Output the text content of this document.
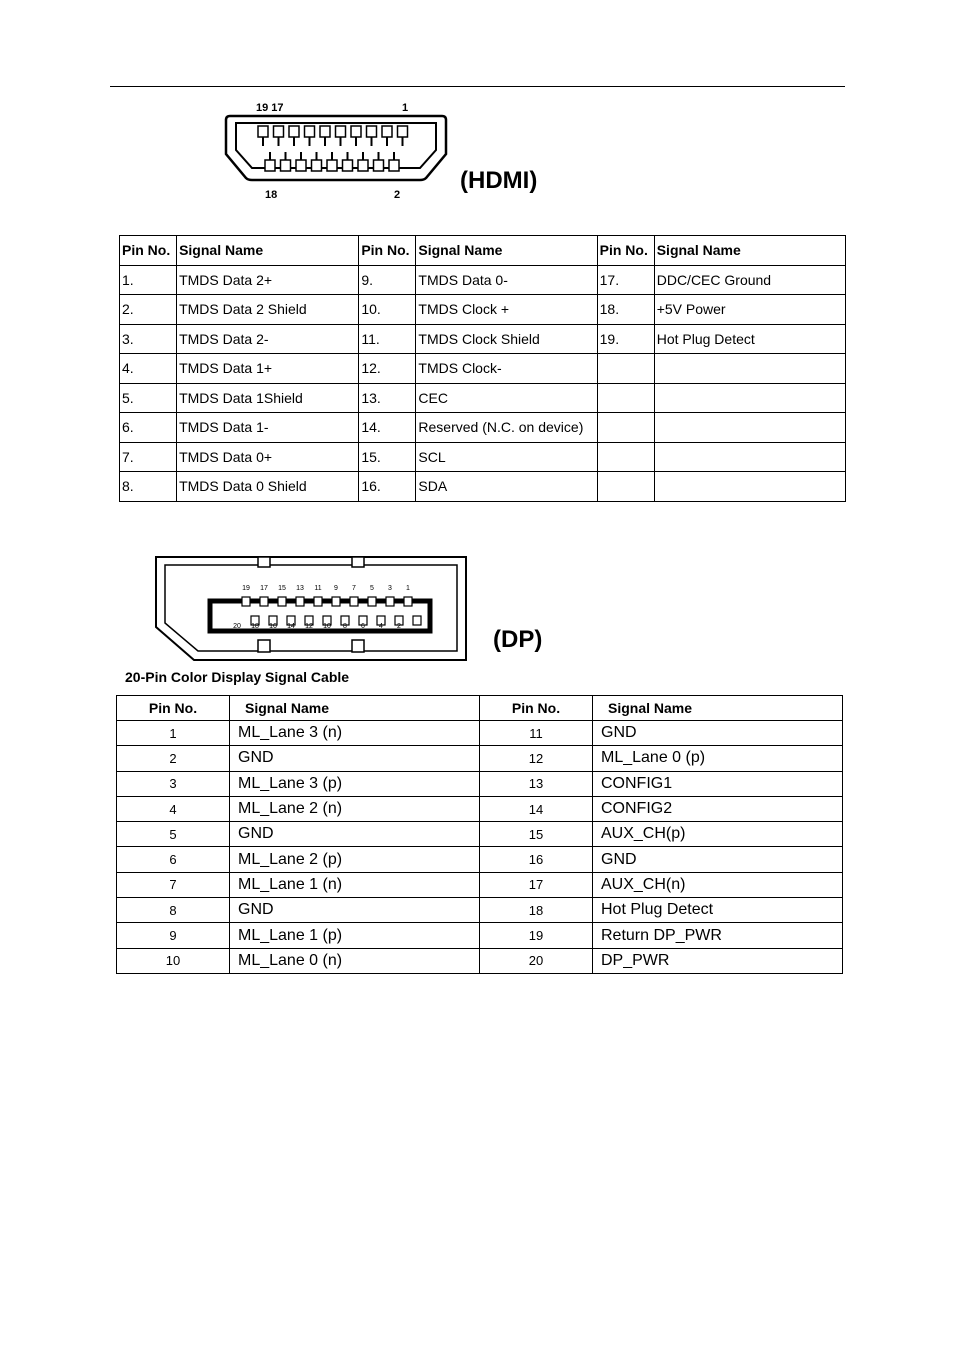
19 17	1
18	2
(HDMI)
Pin No.	Signal Name	Pin No.	Signal Name	Pin No.	Signal Name
1.	TMDS Data 2+	9.	TMDS Data 0-	17.	DDC/CEC Ground
2.	TMDS Data 2 Shield	10.	TMDS Clock +	18.	+5V Power
3.	TMDS Data 2-	11.	TMDS Clock Shield	19.	Hot Plug Detect
4.	TMDS Data 1+	12.	TMDS Clock-		
5.	TMDS Data 1Shield	13.	CEC		
6.	TMDS Data 1-	14.	Reserved (N.C. on device)		
7.	TMDS Data 0+	15.	SCL		
8.	TMDS Data 0 Shield	16.	SDA		
19 17 15 13 11 9 7 5 3 1
20 18 16 14 12 10 8 6 4 2	(DP)
20-Pin Color Display Signal Cable
Pin No.	Signal Name	Pin No.	Signal Name
1	ML_Lane 3 (n)	11	GND
2	GND	12	ML_Lane 0 (p)
3	ML_Lane 3 (p)	13	CONFIG1
4	ML_Lane 2 (n)	14	CONFIG2
5	GND	15	AUX_CH(p)
6	ML_Lane 2 (p)	16	GND
7	ML_Lane 1 (n)	17	AUX_CH(n)
8	GND	18	Hot Plug Detect
9	ML_Lane 1 (p)	19	Return DP_PWR
10	ML_Lane 0 (n)	20	DP_PWR
